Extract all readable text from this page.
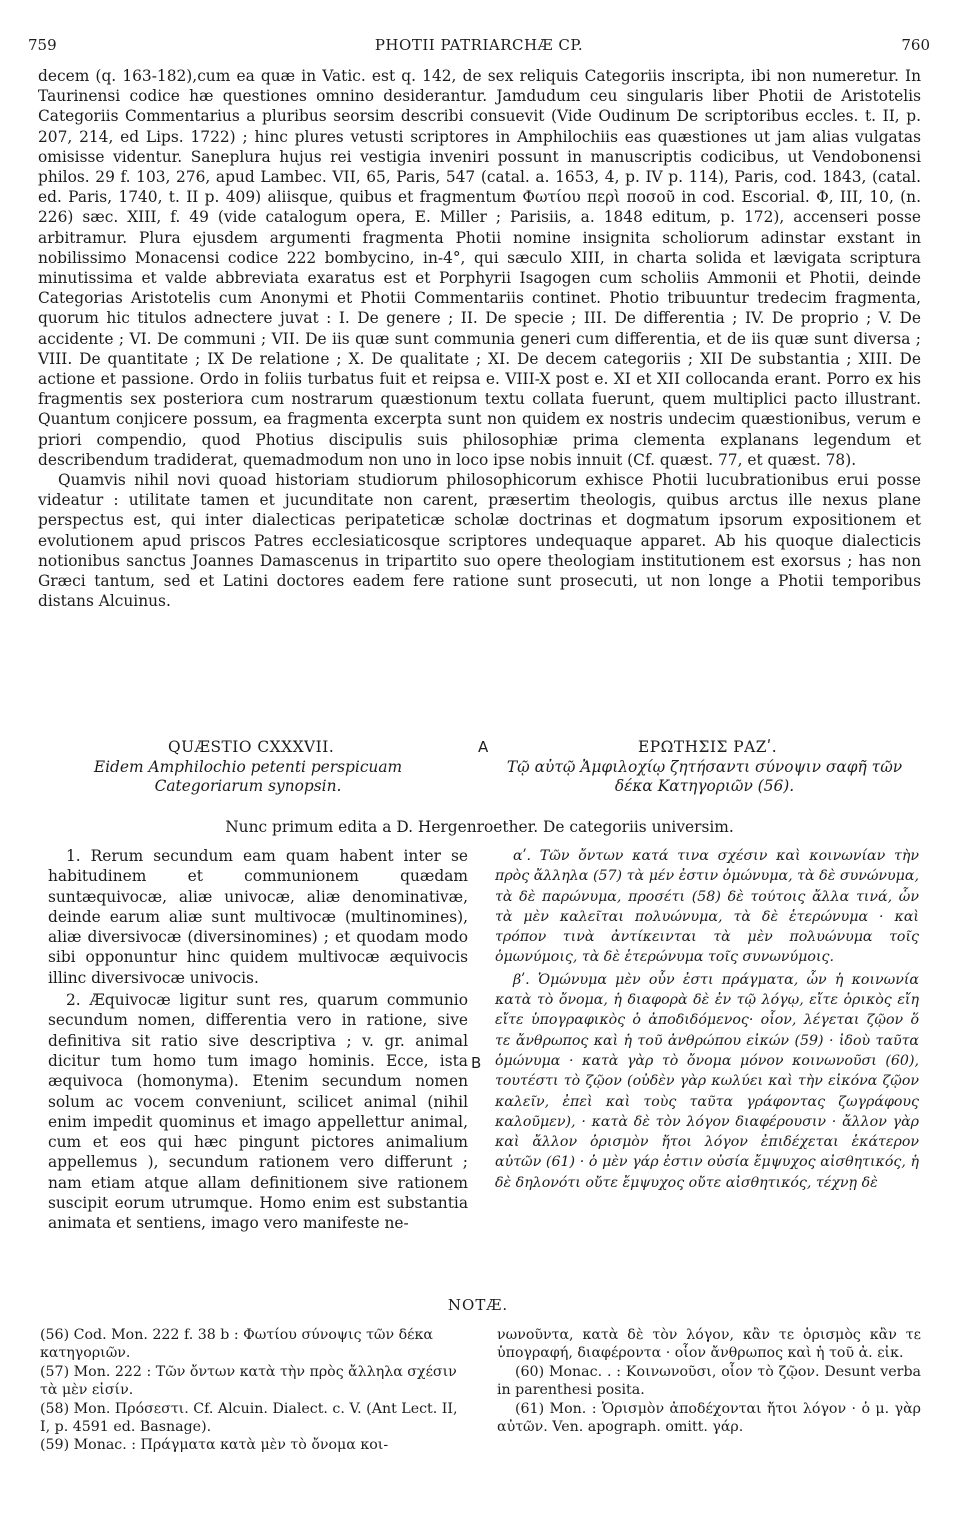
759	PHOTII PATRIARCHÆ CP.	760

decem (q. 163-182),cum ea quæ in Vatic. est q. 142, de sex reliquis Categoriis inscripta, ibi non numeretur. In Taurinensi codice hæ questiones omnino desiderantur. Jamdudum ceu singularis liber Photii de Aristotelis Categoriis Commentarius a pluribus seorsim describi consuevit (Vide Oudinum De scriptoribus eccles. t. II, p. 207, 214, ed Lips. 1722) ; hinc plures vetusti scriptores in Amphilochiis eas quæstiones ut jam alias vulgatas omisisse videntur. Saneplura hujus rei vestigia inveniri possunt in manuscriptis codicibus, ut Vendobonensi philos. 29 f. 103, 276, apud Lambec. VII, 65, Paris, 547 (catal. a. 1653, 4, p. IV p. 114), Paris, cod. 1843, (catal. ed. Paris, 1740, t. II p. 409) aliisque, quibus et fragmentum Φωτίου περὶ ποσοῦ in cod. Escorial. Φ, III, 10, (n. 226) sæc. XIII, f. 49 (vide catalogum opera, E. Miller ; Parisiis, a. 1848 editum, p. 172), accenseri posse arbitramur. Plura ejusdem argumenti fragmenta Photii nomine insignita scholiorum adinstar exstant in nobilissimo Monacensi codice 222 bombycino, in-4°, qui sæculo XIII, in charta solida et lævigata scriptura minutissima et valde abbreviata exaratus est et Porphyrii Isagogen cum scholiis Ammonii et Photii, deinde Categorias Aristotelis cum Anonymi et Photii Commentariis continet. Photio tribuuntur tredecim fragmenta, quorum hic titulos adnectere juvat : I. De genere ; II. De specie ; III. De differentia ; IV. De proprio ; V. De accidente ; VI. De communi ; VII. De iis quæ sunt communia generi cum differentia, et de iis quæ sunt diversa ; VIII. De quantitate ; IX De relatione ; X. De qualitate ; XI. De decem categoriis ; XII De substantia ; XIII. De actione et passione. Ordo in foliis turbatus fuit et reipsa e. VIII-X post e. XI et XII collocanda erant. Porro ex his fragmentis sex posteriora cum nostrarum quæstionum textu collata fuerunt, quem multiplici pacto illustrant. Quantum conjicere possum, ea fragmenta excerpta sunt non quidem ex nostris undecim quæstionibus, verum e priori compendio, quod Photius discipulis suis philosophiæ prima clementa explanans legendum et describendum tradiderat, quemadmodum non uno in loco ipse nobis innuit (Cf. quæst. 77, et quæst. 78).

Quamvis nihil novi quoad historiam studiorum philosophicorum exhisce Photii lucubrationibus erui posse videatur : utilitate tamen et jucunditate non carent, præsertim theologis, quibus arctus ille nexus plane perspectus est, qui inter dialecticas peripateticæ scholæ doctrinas et dogmatum ipsorum expositionem et evolutionem apud priscos Patres ecclesiaticosque scriptores undequaque apparet. Ab his quoque dialecticis notionibus sanctus Joannes Damascenus in tripartito suo opere theologiam institutionem est exorsus ; has non Græci tantum, sed et Latini doctores eadem fere ratione sunt prosecuti, ut non longe a Photii temporibus distans Alcuinus.

QUÆSTIO CXXXVII.	A	ΕΡΩΤΗΣΙΣ ΡΑΖʹ.
Eidem Amphilochio petenti perspicuam Categoriarum synopsin.
Τῷ αὐτῷ Ἀμφιλοχίῳ ζητήσαντι σύνοψιν σαφῆ τῶν δέκα Κατηγοριῶν (56).
Nunc primum edita a D. Hergenroether. De categoriis universim.

1. Rerum secundum eam quam habent inter se habitudinem et communionem quædam suntæquivocæ, aliæ univocæ, aliæ denominativæ, deinde earum aliæ sunt multivocæ (multinomines), aliæ diversivocæ (diversinomines) ; et quodam modo sibi opponuntur hinc quidem multivocæ æquivocis illinc diversivocæ univocis.

2. Æquivocæ ligitur sunt res, quarum communio secundum nomen, differentia vero in ratione, sive definitiva sit ratio sive descriptiva ; v. gr. animal dicitur tum homo tum imago hominis. Ecce, ista æquivoca (homonyma). Etenim secundum nomen solum ac vocem conveniunt, scilicet animal (nihil enim impedit quominus et imago appellettur animal, cum et eos qui hæc pingunt pictores animalium appellemus ), secundum rationem vero differunt ; nam etiam atque allam definitionem sive rationem suscipit eorum utrumque. Homo enim est substantia animata et sentiens, imago vero manifeste ne-

B

αʹ. Τῶν ὄντων κατά τινα σχέσιν καὶ κοινωνίαν τὴν πρὸς ἄλληλα (57) τὰ μέν ἐστιν ὁμώνυμα, τὰ δὲ συνώνυμα, τὰ δὲ παρώνυμα, προσέτι (58) δὲ τούτοις ἄλλα τινά, ὧν τὰ μὲν καλεῖται πολυώνυμα, τὰ δὲ ἑτερώνυμα · καὶ τρόπον τινὰ ἀντίκεινται τὰ μὲν πολυώνυμα τοῖς ὁμωνύμοις, τὰ δὲ ἑτερώνυμα τοῖς συνωνύμοις.

βʹ. Ὁμώνυμα μὲν οὖν ἐστι πράγματα, ὧν ἡ κοινωνία κατὰ τὸ ὄνομα, ἡ διαφορὰ δὲ ἐν τῷ λόγῳ, εἴτε ὁρικὸς εἴη εἴτε ὑπογραφικὸς ὁ ἀποδιδόμενος· οἷον, λέγεται ζῷον ὅ τε ἄνθρωπος καὶ ἡ τοῦ ἀνθρώπου εἰκών (59) · ἰδοὺ ταῦτα ὁμώνυμα · κατὰ γὰρ τὸ ὄνομα μόνον κοινωνοῦσι (60), τουτέστι τὸ ζῷον (οὐδὲν γὰρ κωλύει καὶ τὴν εἰκόνα ζῷον καλεῖν, ἐπεὶ καὶ τοὺς ταῦτα γράφοντας ζωγράφους καλοῦμεν), · κατὰ δὲ τὸν λόγον διαφέρουσιν · ἄλλον γὰρ καὶ ἄλλον ὁρισμὸν ἤτοι λόγον ἐπιδέχεται ἑκάτερον αὐτῶν (61) · ὁ μὲν γάρ ἐστιν οὐσία ἔμψυχος αἰσθητικός, ἡ δὲ δηλονότι οὔτε ἔμψυχος οὔτε αἰσθητικός, τέχνῃ δὲ

NOTÆ.

(56) Cod. Mon. 222 f. 38 b : Φωτίου σύνοψις τῶν δέκα κατηγοριῶν.

(57) Mon. 222 : Τῶν ὄντων κατὰ τὴν πρὸς ἄλληλα σχέσιν τὰ μὲν εἰσίν.

(58) Mon. Πρόσεστι. Cf. Alcuin. Dialect. c. V. (Ant Lect. II, I, p. 4591 ed. Basnage).

(59) Monac. : Πράγματα κατὰ μὲν τὸ ὄνομα κοι-

νωνοῦντα, κατὰ δὲ τὸν λόγον, κἂν τε ὁρισμὸς κἂν τε ὑπογραφή, διαφέροντα · οἷον ἄνθρωπος καὶ ἡ τοῦ ἀ. εἰκ.

(60) Monac. . : Κοινωνοῦσι, οἷον τὸ ζῷον. Desunt verba in parenthesi posita.

(61) Mon. : Ὁρισμὸν ἀποδέχονται ἤτοι λόγον · ὁ μ. γὰρ αὐτῶν. Ven. apograph. omitt. γάρ.
